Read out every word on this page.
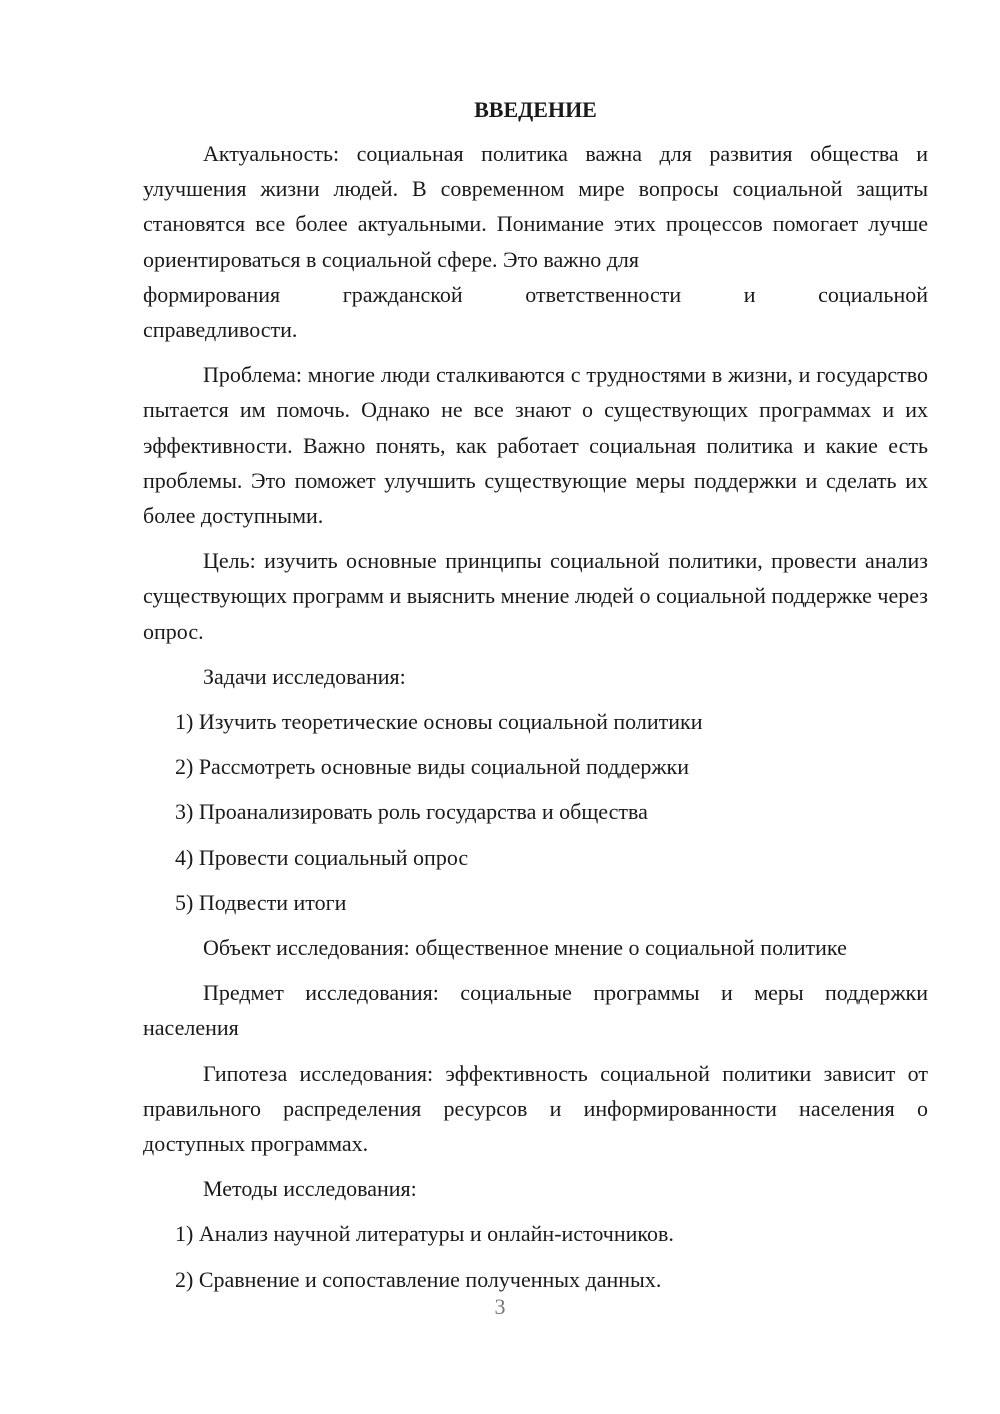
ВВЕДЕНИЕ
Актуальность: социальная политика важна для развития общества и улучшения жизни людей. В современном мире вопросы социальной защиты становятся все более актуальными. Понимание этих процессов помогает лучше ориентироваться в социальной сфере. Это важно для
формирования гражданской ответственности и социальной
справедливости.
Проблема: многие люди сталкиваются с трудностями в жизни, и государство пытается им помочь. Однако не все знают о существующих программах и их эффективности. Важно понять, как работает социальная политика и какие есть проблемы. Это поможет улучшить существующие меры поддержки и сделать их более доступными.
Цель: изучить основные принципы социальной политики, провести анализ существующих программ и выяснить мнение людей о социальной поддержке через опрос.
Задачи исследования:
1) Изучить теоретические основы социальной политики
2) Рассмотреть основные виды социальной поддержки
3) Проанализировать роль государства и общества
4) Провести социальный опрос
5) Подвести итоги
Объект исследования: общественное мнение о социальной политике
Предмет исследования: социальные программы и меры поддержки населения
Гипотеза исследования: эффективность социальной политики зависит от правильного распределения ресурсов и информированности населения о доступных программах.
Методы исследования:
1) Анализ научной литературы и онлайн-источников.
2) Сравнение и сопоставление полученных данных.
3
